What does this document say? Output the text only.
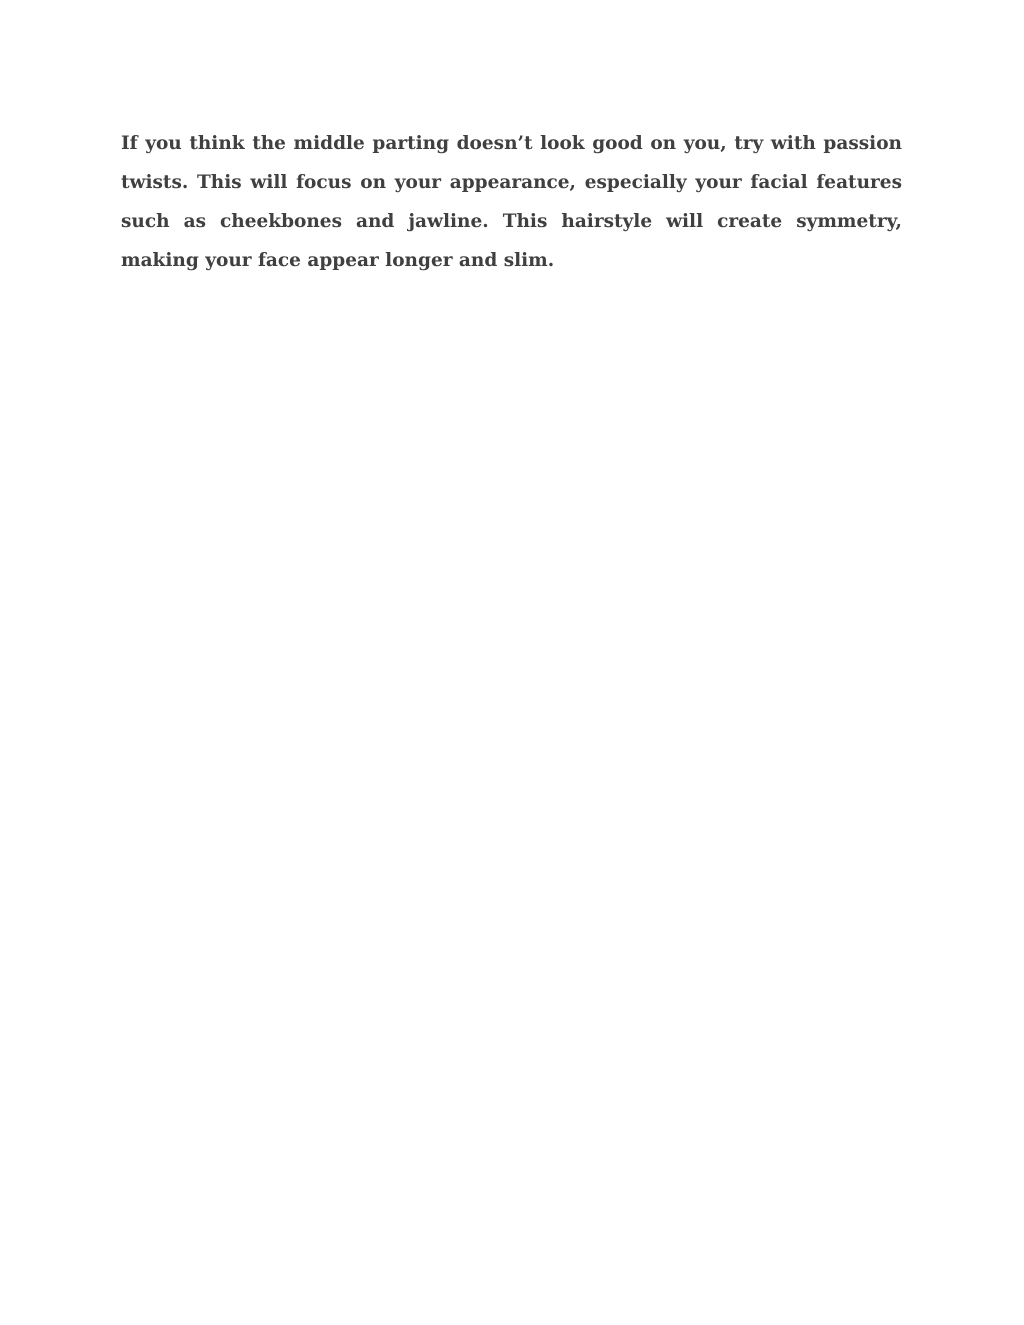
If you think the middle parting doesn’t look good on you, try with passion twists. This will focus on your appearance, especially your facial features such as cheekbones and jawline. This hairstyle will create symmetry, making your face appear longer and slim.
